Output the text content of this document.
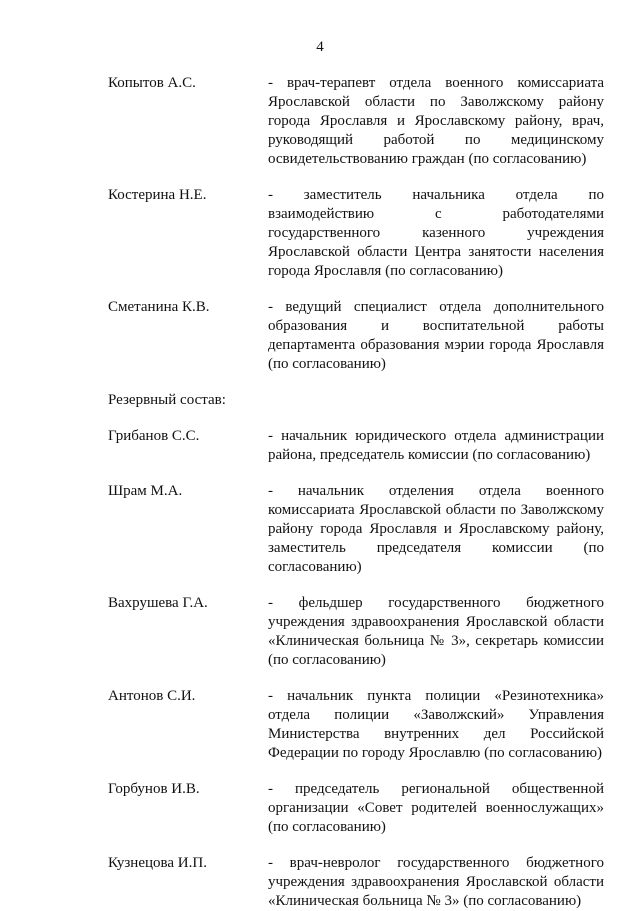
4
Копытов А.С.	- врач-терапевт отдела военного комиссариата Ярославской области по Заволжскому району города Ярославля и Ярославскому району, врач, руководящий работой по медицинскому освидетельствованию граждан (по согласованию)
Костерина Н.Е.	- заместитель начальника отдела по взаимодействию с работодателями государственного казенного учреждения Ярославской области Центра занятости населения города Ярославля (по согласованию)
Сметанина К.В.	- ведущий специалист отдела дополнительного образования и воспитательной работы департамента образования мэрии города Ярославля (по согласованию)
Резервный состав:
Грибанов С.С.	- начальник юридического отдела администрации района, председатель комиссии (по согласованию)
Шрам М.А.	- начальник отделения отдела военного комиссариата Ярославской области по Заволжскому району города Ярославля и Ярославскому району, заместитель председателя комиссии (по согласованию)
Вахрушева Г.А.	- фельдшер государственного бюджетного учреждения здравоохранения Ярославской области «Клиническая больница № 3», секретарь комиссии (по согласованию)
Антонов С.И.	- начальник пункта полиции «Резинотехника» отдела полиции «Заволжский» Управления Министерства внутренних дел Российской Федерации по городу Ярославлю (по согласованию)
Горбунов И.В.	- председатель региональной общественной организации «Совет родителей военнослужащих» (по согласованию)
Кузнецова И.П.	- врач-невролог государственного бюджетного учреждения здравоохранения Ярославской области «Клиническая больница № 3» (по согласованию)
